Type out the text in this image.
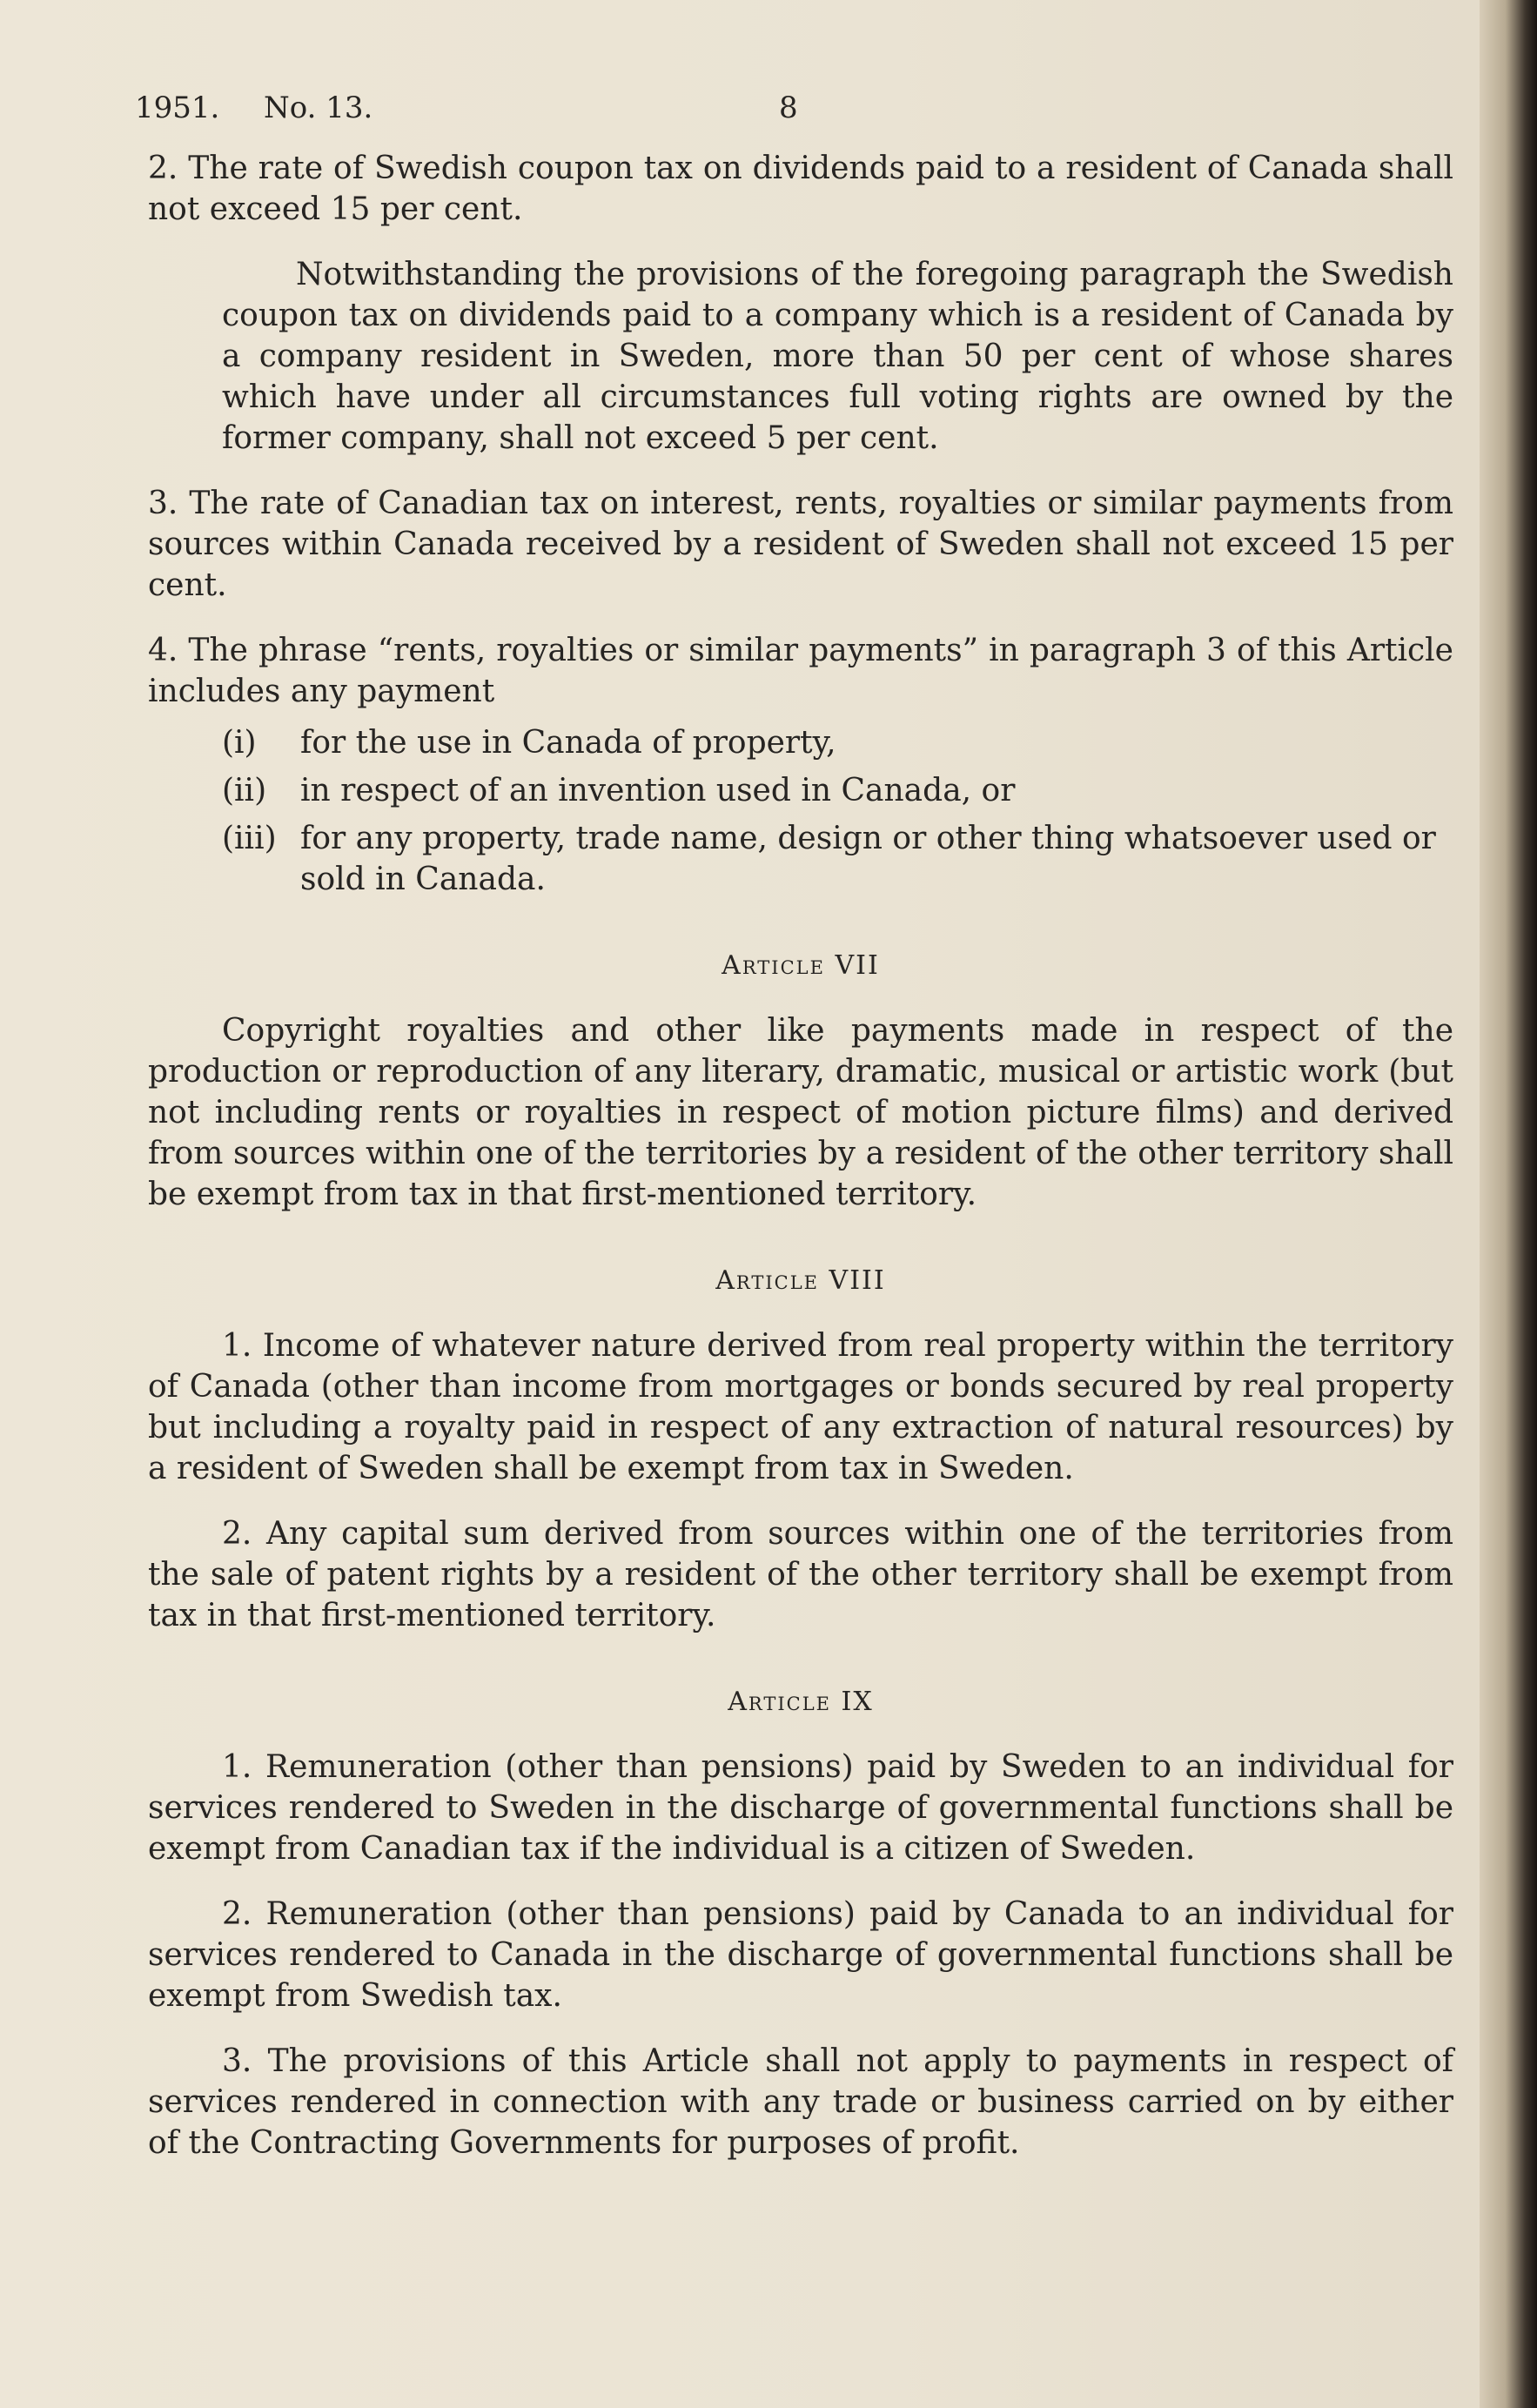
1951. No. 13.	8

2. The rate of Swedish coupon tax on dividends paid to a resident of Canada shall not exceed 15 per cent.

Notwithstanding the provisions of the foregoing paragraph the Swedish coupon tax on dividends paid to a company which is a resident of Canada by a company resident in Sweden, more than 50 per cent of whose shares which have under all circumstances full voting rights are owned by the former company, shall not exceed 5 per cent.

3. The rate of Canadian tax on interest, rents, royalties or similar payments from sources within Canada received by a resident of Sweden shall not exceed 15 per cent.

4. The phrase “rents, royalties or similar payments” in paragraph 3 of this Article includes any payment

(i) for the use in Canada of property,
(ii) in respect of an invention used in Canada, or
(iii) for any property, trade name, design or other thing whatsoever used or sold in Canada.
Article VII

Copyright royalties and other like payments made in respect of the production or reproduction of any literary, dramatic, musical or artistic work (but not including rents or royalties in respect of motion picture films) and derived from sources within one of the territories by a resident of the other territory shall be exempt from tax in that first-mentioned territory.

Article VIII

1. Income of whatever nature derived from real property within the territory of Canada (other than income from mortgages or bonds secured by real property but including a royalty paid in respect of any extraction of natural resources) by a resident of Sweden shall be exempt from tax in Sweden.

2. Any capital sum derived from sources within one of the territories from the sale of patent rights by a resident of the other territory shall be exempt from tax in that first-mentioned territory.

Article IX

1. Remuneration (other than pensions) paid by Sweden to an individual for services rendered to Sweden in the discharge of governmental functions shall be exempt from Canadian tax if the individual is a citizen of Sweden.

2. Remuneration (other than pensions) paid by Canada to an individual for services rendered to Canada in the discharge of governmental functions shall be exempt from Swedish tax.

3. The provisions of this Article shall not apply to payments in respect of services rendered in connection with any trade or business carried on by either of the Contracting Governments for purposes of profit.
